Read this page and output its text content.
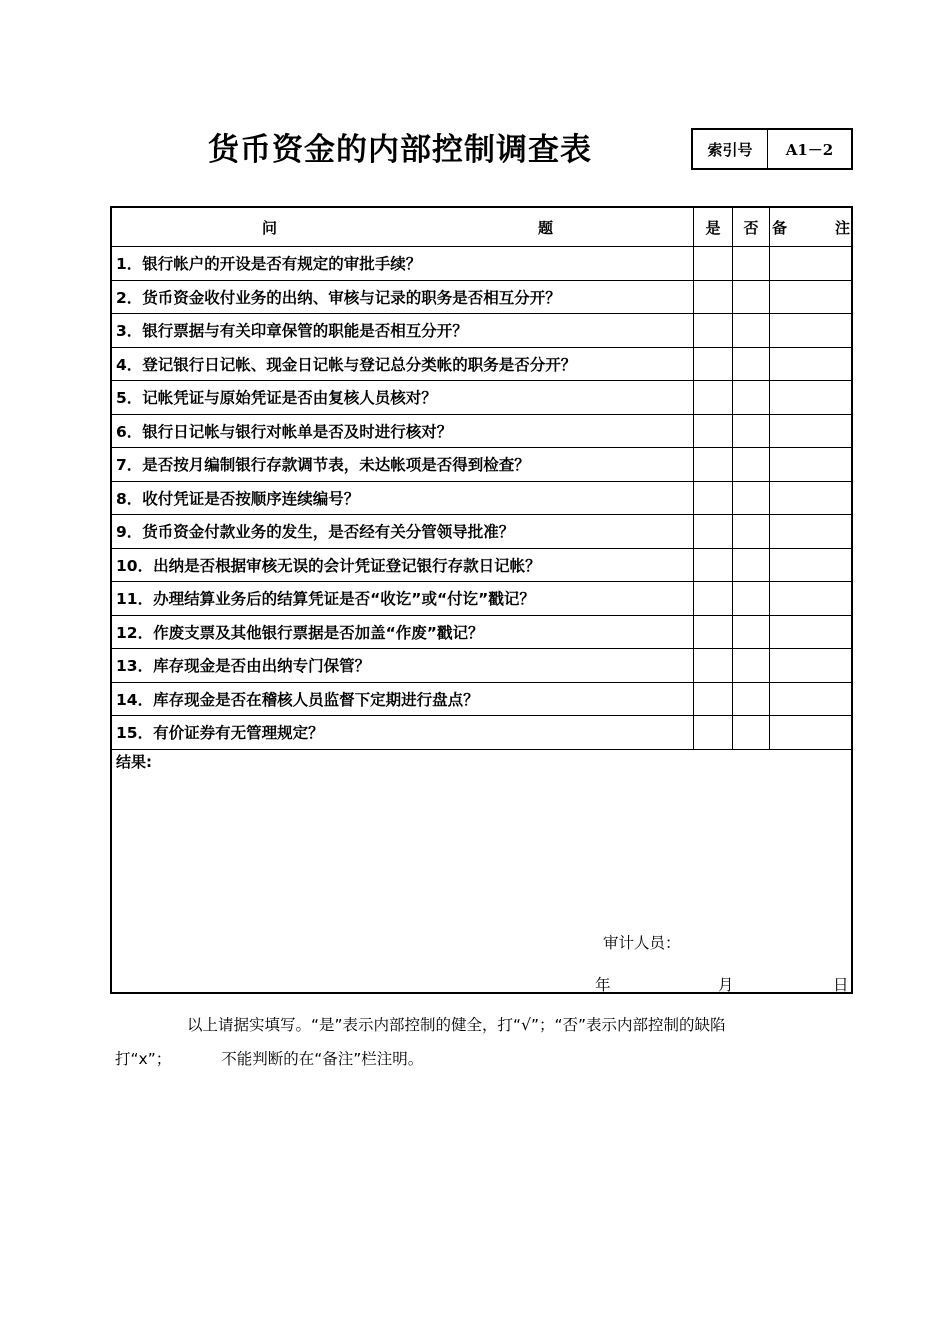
货币资金的内部控制调查表	索引号	A1－2
问 题	是	否	备 注

1．银行帐户的开设是否有规定的审批手续？			
2．货币资金收付业务的出纳、审核与记录的职务是否相互分开？			
3．银行票据与有关印章保管的职能是否相互分开？			
4．登记银行日记帐、现金日记帐与登记总分类帐的职务是否分开？			
5．记帐凭证与原始凭证是否由复核人员核对？			
6．银行日记帐与银行对帐单是否及时进行核对？			
7．是否按月编制银行存款调节表，未达帐项是否得到检查？			
8．收付凭证是否按顺序连续编号？			
9．货币资金付款业务的发生，是否经有关分管领导批准？			
10．出纳是否根据审核无误的会计凭证登记银行存款日记帐？			
11．办理结算业务后的结算凭证是否“收讫”或“付讫”戳记？			
12．作废支票及其他银行票据是否加盖“作废”戳记？			
13．库存现金是否由出纳专门保管？			
14．库存现金是否在稽核人员监督下定期进行盘点？			
15．有价证券有无管理规定？			
结果:
审计人员：
年	月	日
以上请据实填写。“是”表示内部控制的健全，打“√”；“否”表示内部控制的缺陷
打“x”；	不能判断的在“备注”栏注明。
